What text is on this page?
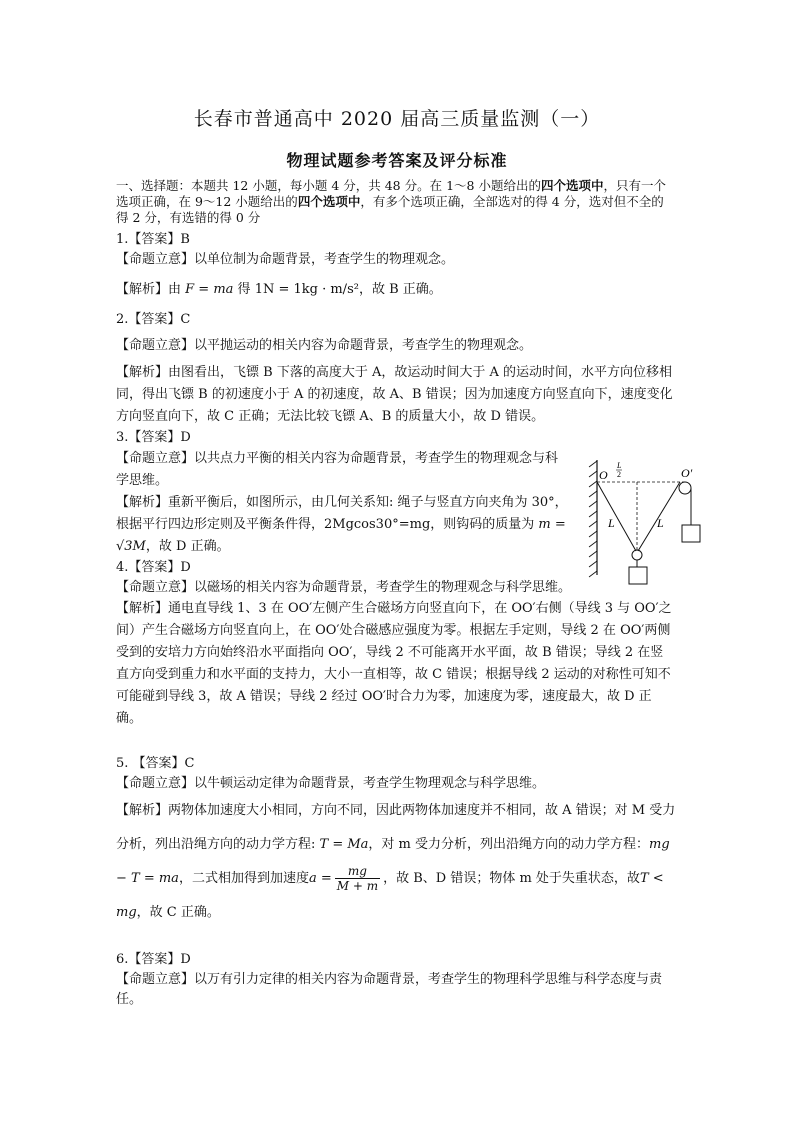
长春市普通高中 2020 届高三质量监测（一）
物理试题参考答案及评分标准

一、选择题：本题共 12 小题，每小题 4 分，共 48 分。在 1～8 小题给出的四个选项中，只有一个选项正确，在 9～12 小题给出的四个选项中，有多个选项正确，全部选对的得 4 分，选对但不全的得 2 分，有选错的得 0 分

1.【答案】B

【命题立意】以单位制为命题背景，考查学生的物理观念。

【解析】由 F = ma 得 1N = 1kg · m/s²，故 B 正确。

2.【答案】C

【命题立意】以平抛运动的相关内容为命题背景，考查学生的物理观念。

【解析】由图看出，飞镖 B 下落的高度大于 A，故运动时间大于 A 的运动时间，水平方向位移相同，得出飞镖 B 的初速度小于 A 的初速度，故 A、B 错误；因为加速度方向竖直向下，速度变化方向竖直向下，故 C 正确；无法比较飞镖 A、B 的质量大小，故 D 错误。

3.【答案】D

【命题立意】以共点力平衡的相关内容为命题背景，考查学生的物理观念与科学思维。

【解析】重新平衡后，如图所示，由几何关系知: 绳子与竖直方向夹角为 30°，根据平行四边形定则及平衡条件得，2Mgcos30°=mg，则钩码的质量为 m = √3M，故 D 正确。

4.【答案】D

【命题立意】以磁场的相关内容为命题背景，考查学生的物理观念与科学思维。

【解析】通电直导线 1、3 在 OO′左侧产生合磁场方向竖直向下，在 OO′右侧（导线 3 与 OO′之间）产生合磁场方向竖直向上，在 OO′处合磁感应强度为零。根据左手定则，导线 2 在 OO′两侧受到的安培力方向始终沿水平面指向 OO′，导线 2 不可能离开水平面，故 B 错误；导线 2 在竖直方向受到重力和水平面的支持力，大小一直相等，故 C 错误；根据导线 2 运动的对称性可知不可能碰到导线 3，故 A 错误；导线 2 经过 OO′时合力为零，加速度为零，速度最大，故 D 正确。

5. 【答案】C

【命题立意】以牛顿运动定律为命题背景，考查学生物理观念与科学思维。

【解析】两物体加速度大小相同，方向不同，因此两物体加速度并不相同，故 A 错误；对 M 受力分析，列出沿绳方向的动力学方程: T = Ma，对 m 受力分析，列出沿绳方向的动力学方程：mg − T = ma，二式相加得到加速度$a = \frac{mg}{M + m}$ ，故 B、D 错误；物体 m 处于失重状态，故T < mg，故 C 正确。

6.【答案】D

【命题立意】以万有引力定律的相关内容为命题背景，考查学生的物理科学思维与科学态度与责任。

O	O′
L
2
L	L
